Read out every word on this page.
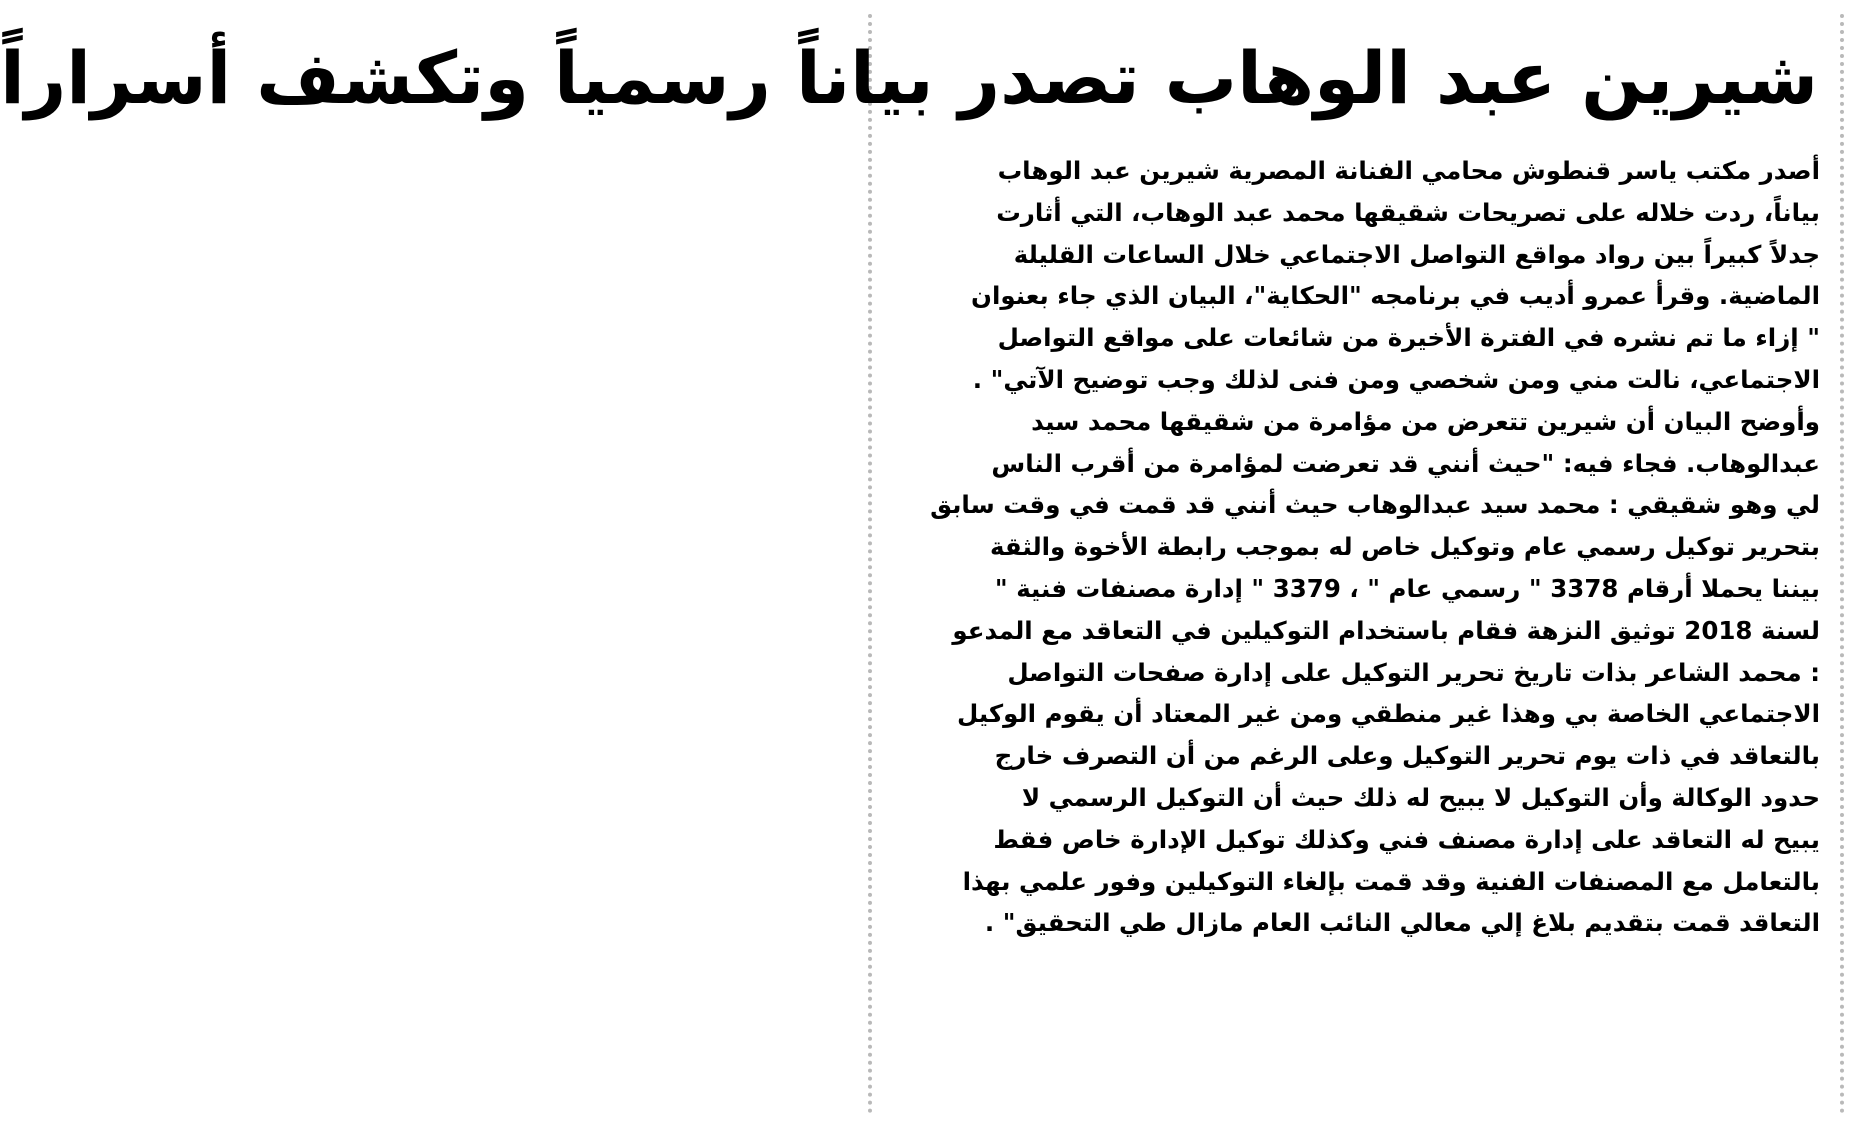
شيرين عبد الوهاب تصدر بياناً رسمياً وتكشف أسراراً
أصدر مكتب ياسر قنطوش محامي الفنانة المصرية شيرين عبد الوهاب
بياناً، ردت خلاله على تصريحات شقيقها محمد عبد الوهاب، التي أثارت
جدلاً كبيراً بين رواد مواقع التواصل الاجتماعي خلال الساعات القليلة
الماضية. وقرأ عمرو أديب في برنامجه "الحكاية"، البيان الذي جاء بعنوان
" إزاء ما تم نشره في الفترة الأخيرة من شائعات على مواقع التواصل
الاجتماعي، نالت مني ومن شخصي ومن فنى لذلك وجب توضيح الآتي" .
وأوضح البيان أن شيرين تتعرض من مؤامرة من شقيقها محمد سيد
عبدالوهاب. فجاء فيه: "حيث أنني قد تعرضت لمؤامرة من أقرب الناس
لي وهو شقيقي : محمد سيد عبدالوهاب حيث أنني قد قمت في وقت سابق
بتحرير توكيل رسمي عام وتوكيل خاص له بموجب رابطة الأخوة والثقة
بيننا يحملا أرقام 3378 " رسمي عام " ، 3379 " إدارة مصنفات فنية "
لسنة 2018 توثيق النزهة فقام باستخدام التوكيلين في التعاقد مع المدعو
: محمد الشاعر بذات تاريخ تحرير التوكيل على إدارة صفحات التواصل
الاجتماعي الخاصة بي وهذا غير منطقي ومن غير المعتاد أن يقوم الوكيل
بالتعاقد في ذات يوم تحرير التوكيل وعلى الرغم من أن التصرف خارج
حدود الوكالة وأن التوكيل لا يبيح له ذلك حيث أن التوكيل الرسمي لا
يبيح له التعاقد على إدارة مصنف فني وكذلك توكيل الإدارة خاص فقط
بالتعامل مع المصنفات الفنية وقد قمت بإلغاء التوكيلين وفور علمي بهذا
التعاقد قمت بتقديم بلاغ إلي معالي النائب العام مازال طي التحقيق" .
